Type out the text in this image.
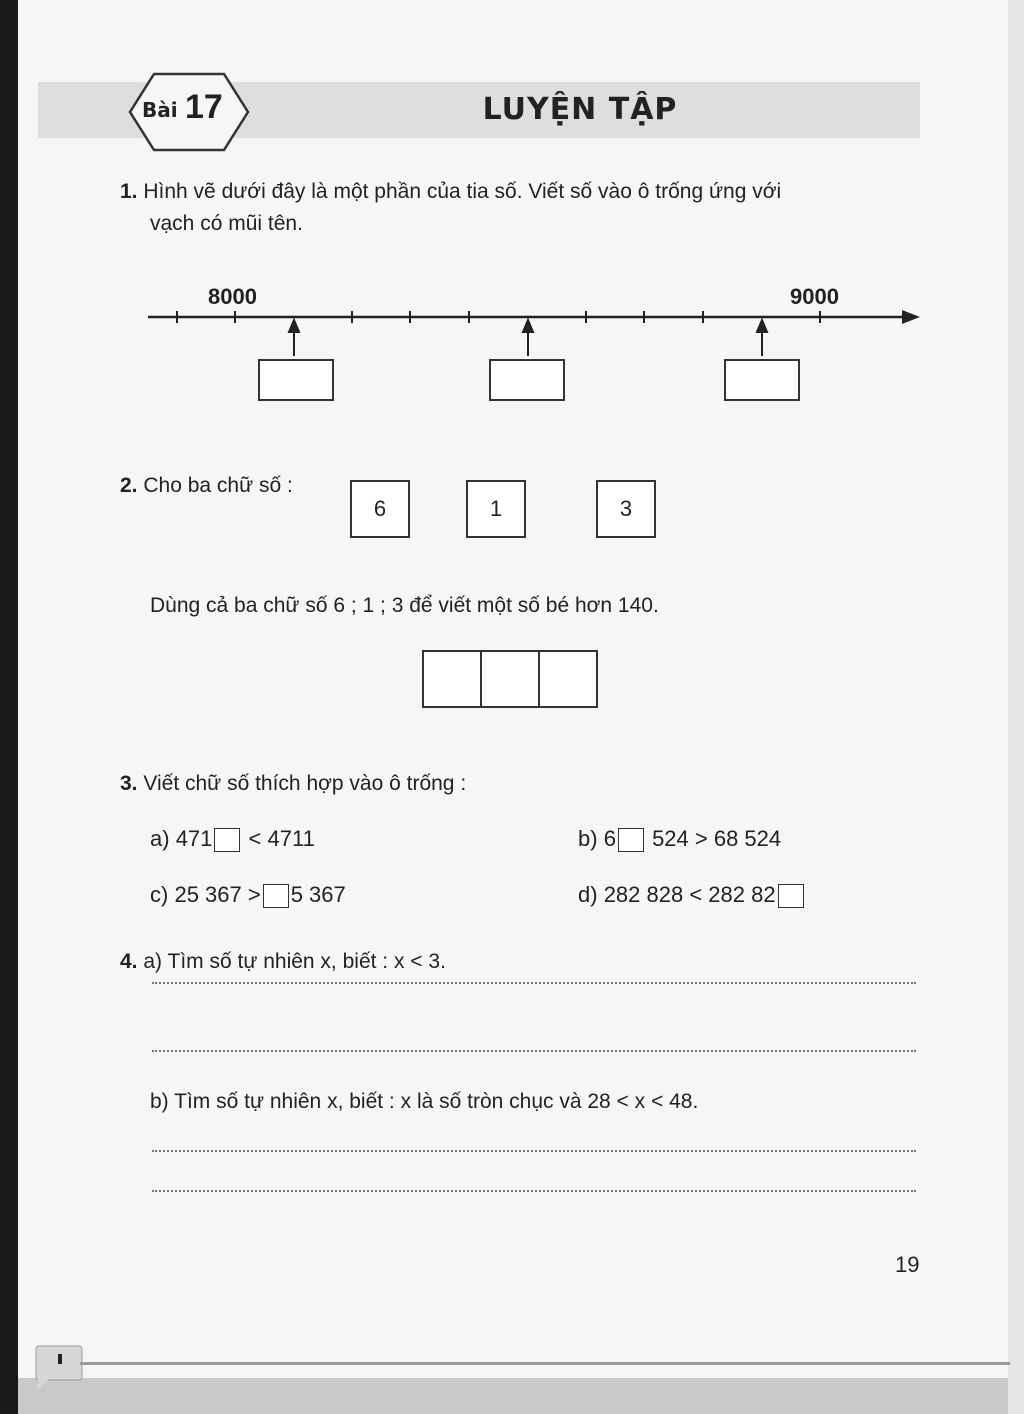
Bài 17	LUYỆN TẬP
1. Hình vẽ dưới đây là một phần của tia số. Viết số vào ô trống ứng với
vạch có mũi tên.
8000	9000
2. Cho ba chữ số :
6	1	3
Dùng cả ba chữ số 6 ; 1 ; 3 để viết một số bé hơn 140.
3. Viết chữ số thích hợp vào ô trống :
a) 471 < 4711	b) 6 524 > 68 524
c) 25 367 > 5 367	d) 282 828 < 282 82
4. a) Tìm số tự nhiên x, biết : x < 3.
b) Tìm số tự nhiên x, biết : x là số tròn chục và 28 < x < 48.
19
